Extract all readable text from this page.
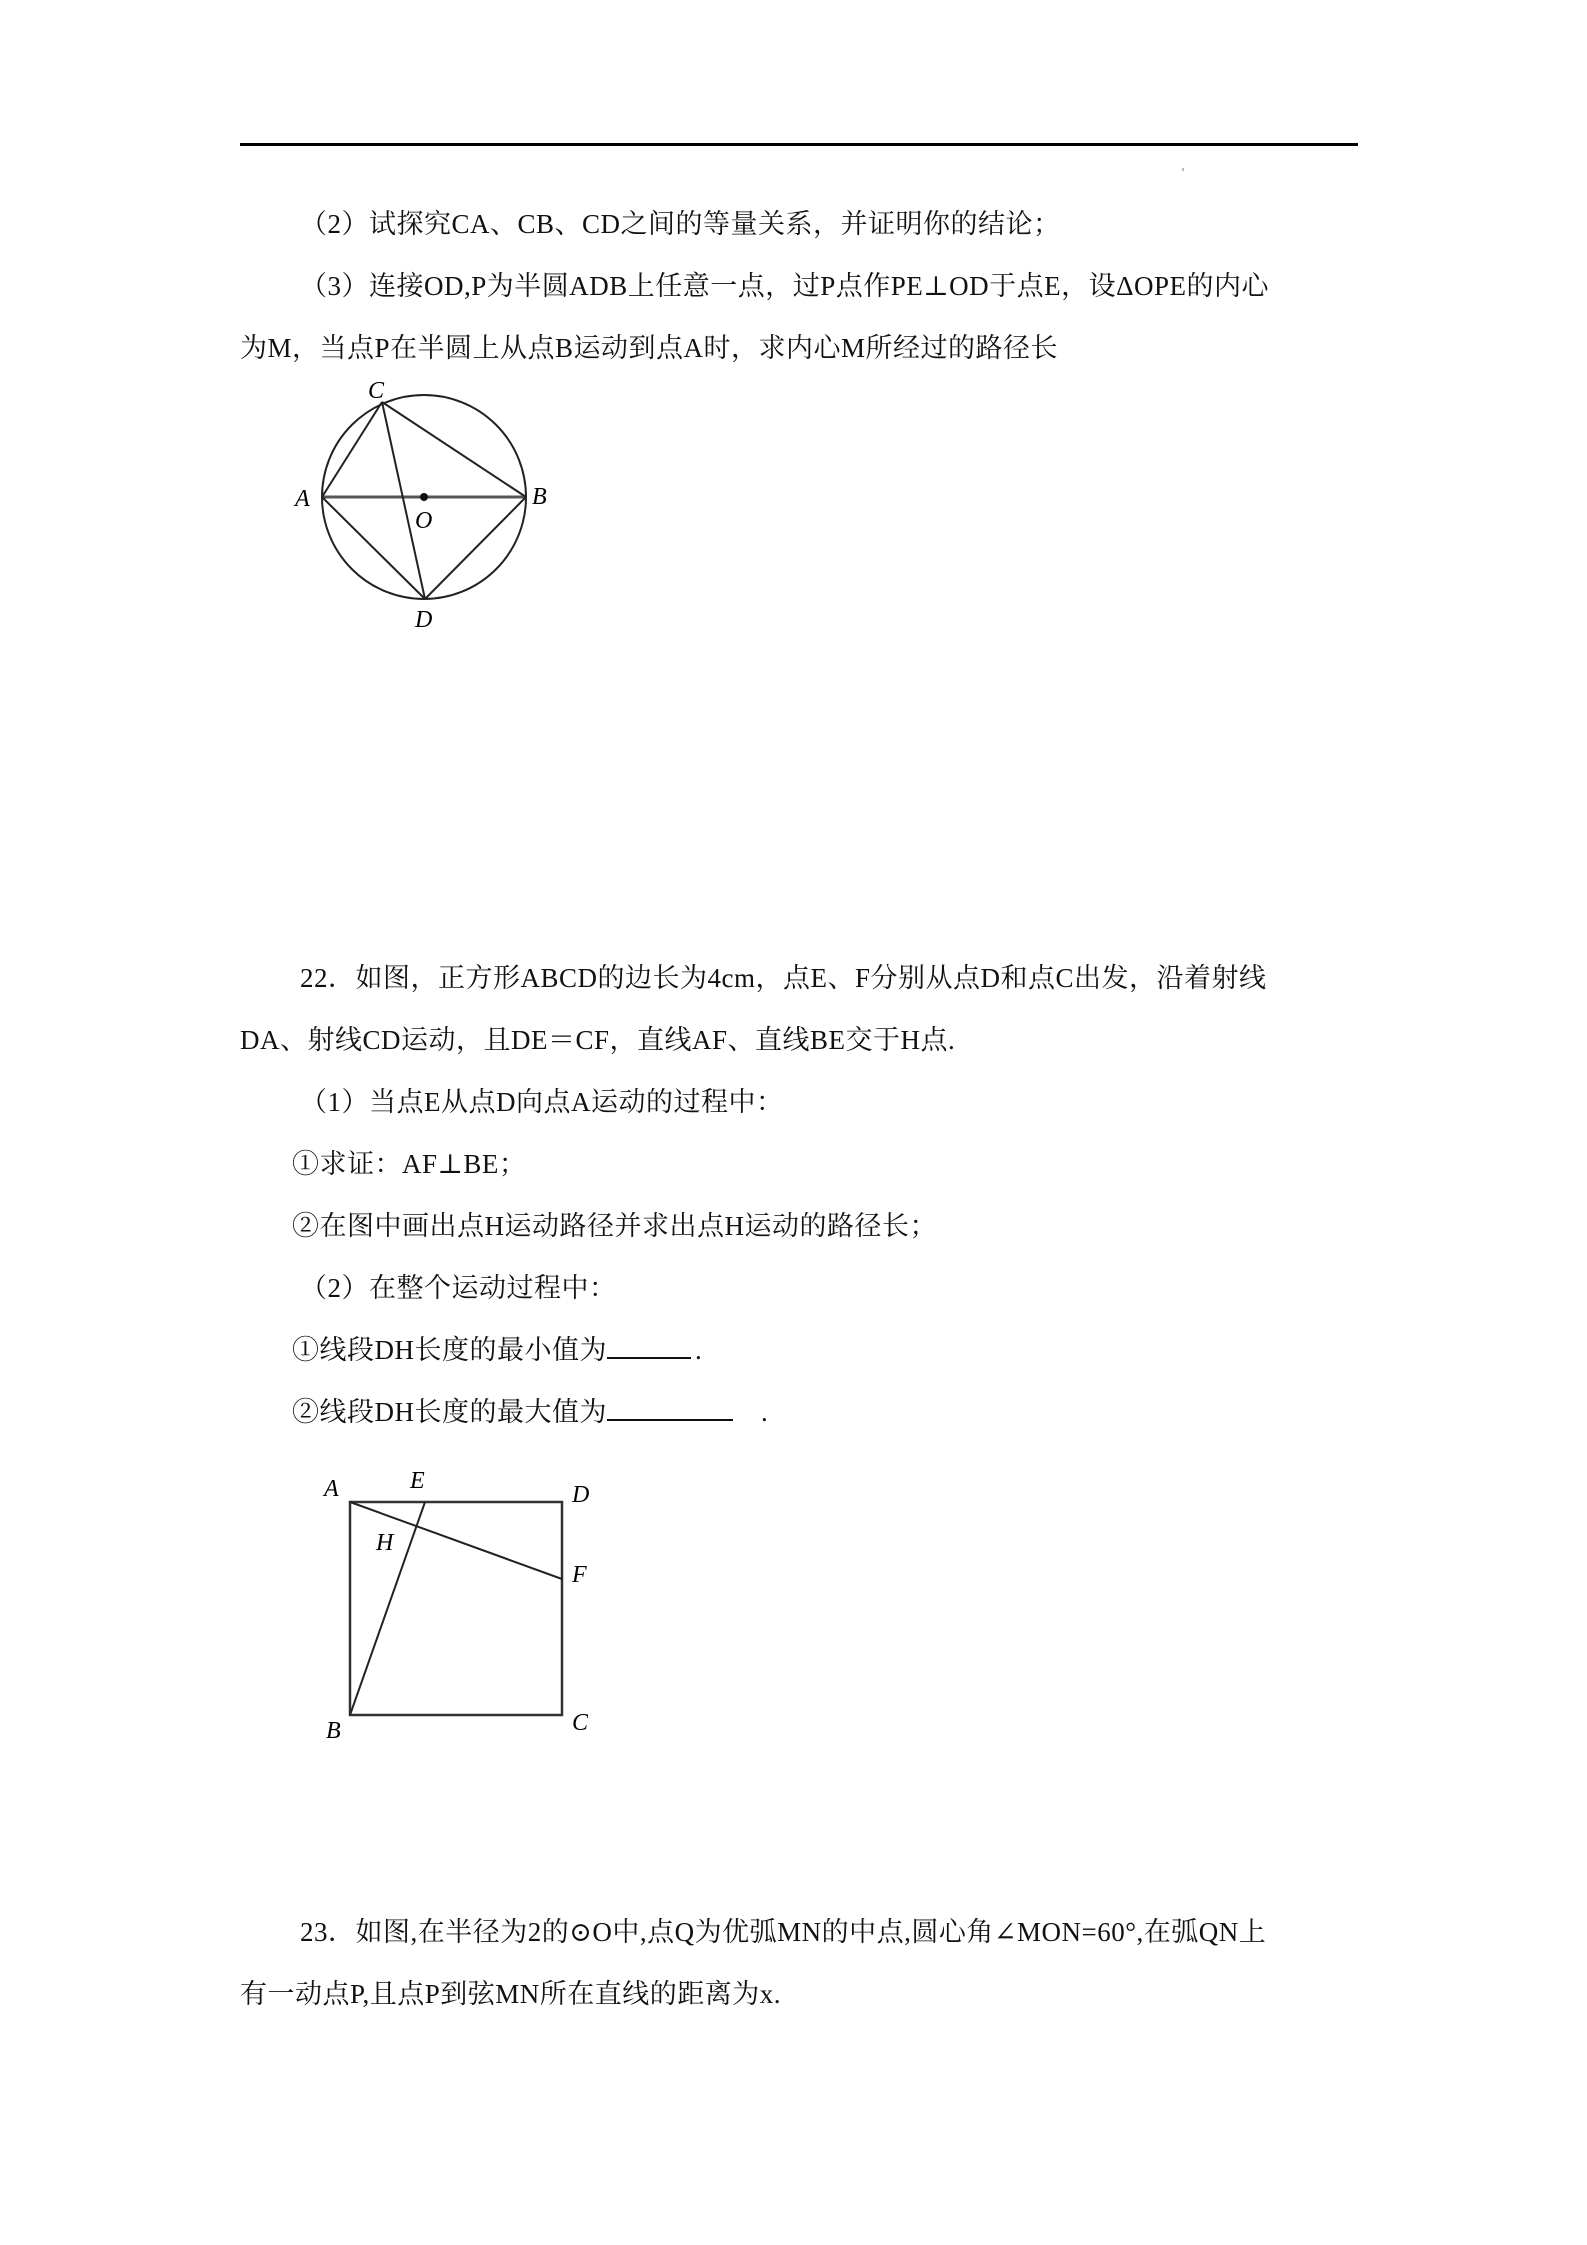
（2）试探究CA、CB、CD之间的等量关系，并证明你的结论；
（3）连接OD,P为半圆ADB上任意一点，过P点作PE⊥OD于点E，设ΔOPE的内心
为M，当点P在半圆上从点B运动到点A时，求内心M所经过的路径长
C
A	B
O
D
22．如图，正方形ABCD的边长为4cm，点E、F分别从点D和点C出发，沿着射线
DA、射线CD运动，且DE＝CF，直线AF、直线BE交于H点.
（1）当点E从点D向点A运动的过程中：
①求证：AF⊥BE；
②在图中画出点H运动路径并求出点H运动的路径长；
（2）在整个运动过程中：
①线段DH长度的最小值为	.
②线段DH长度的最大值为	.
A	E
D
H
F
B	C
23．如图,在半径为2的⊙O中,点Q为优弧MN的中点,圆心角∠MON=60°,在弧QN上
有一动点P,且点P到弦MN所在直线的距离为x.
